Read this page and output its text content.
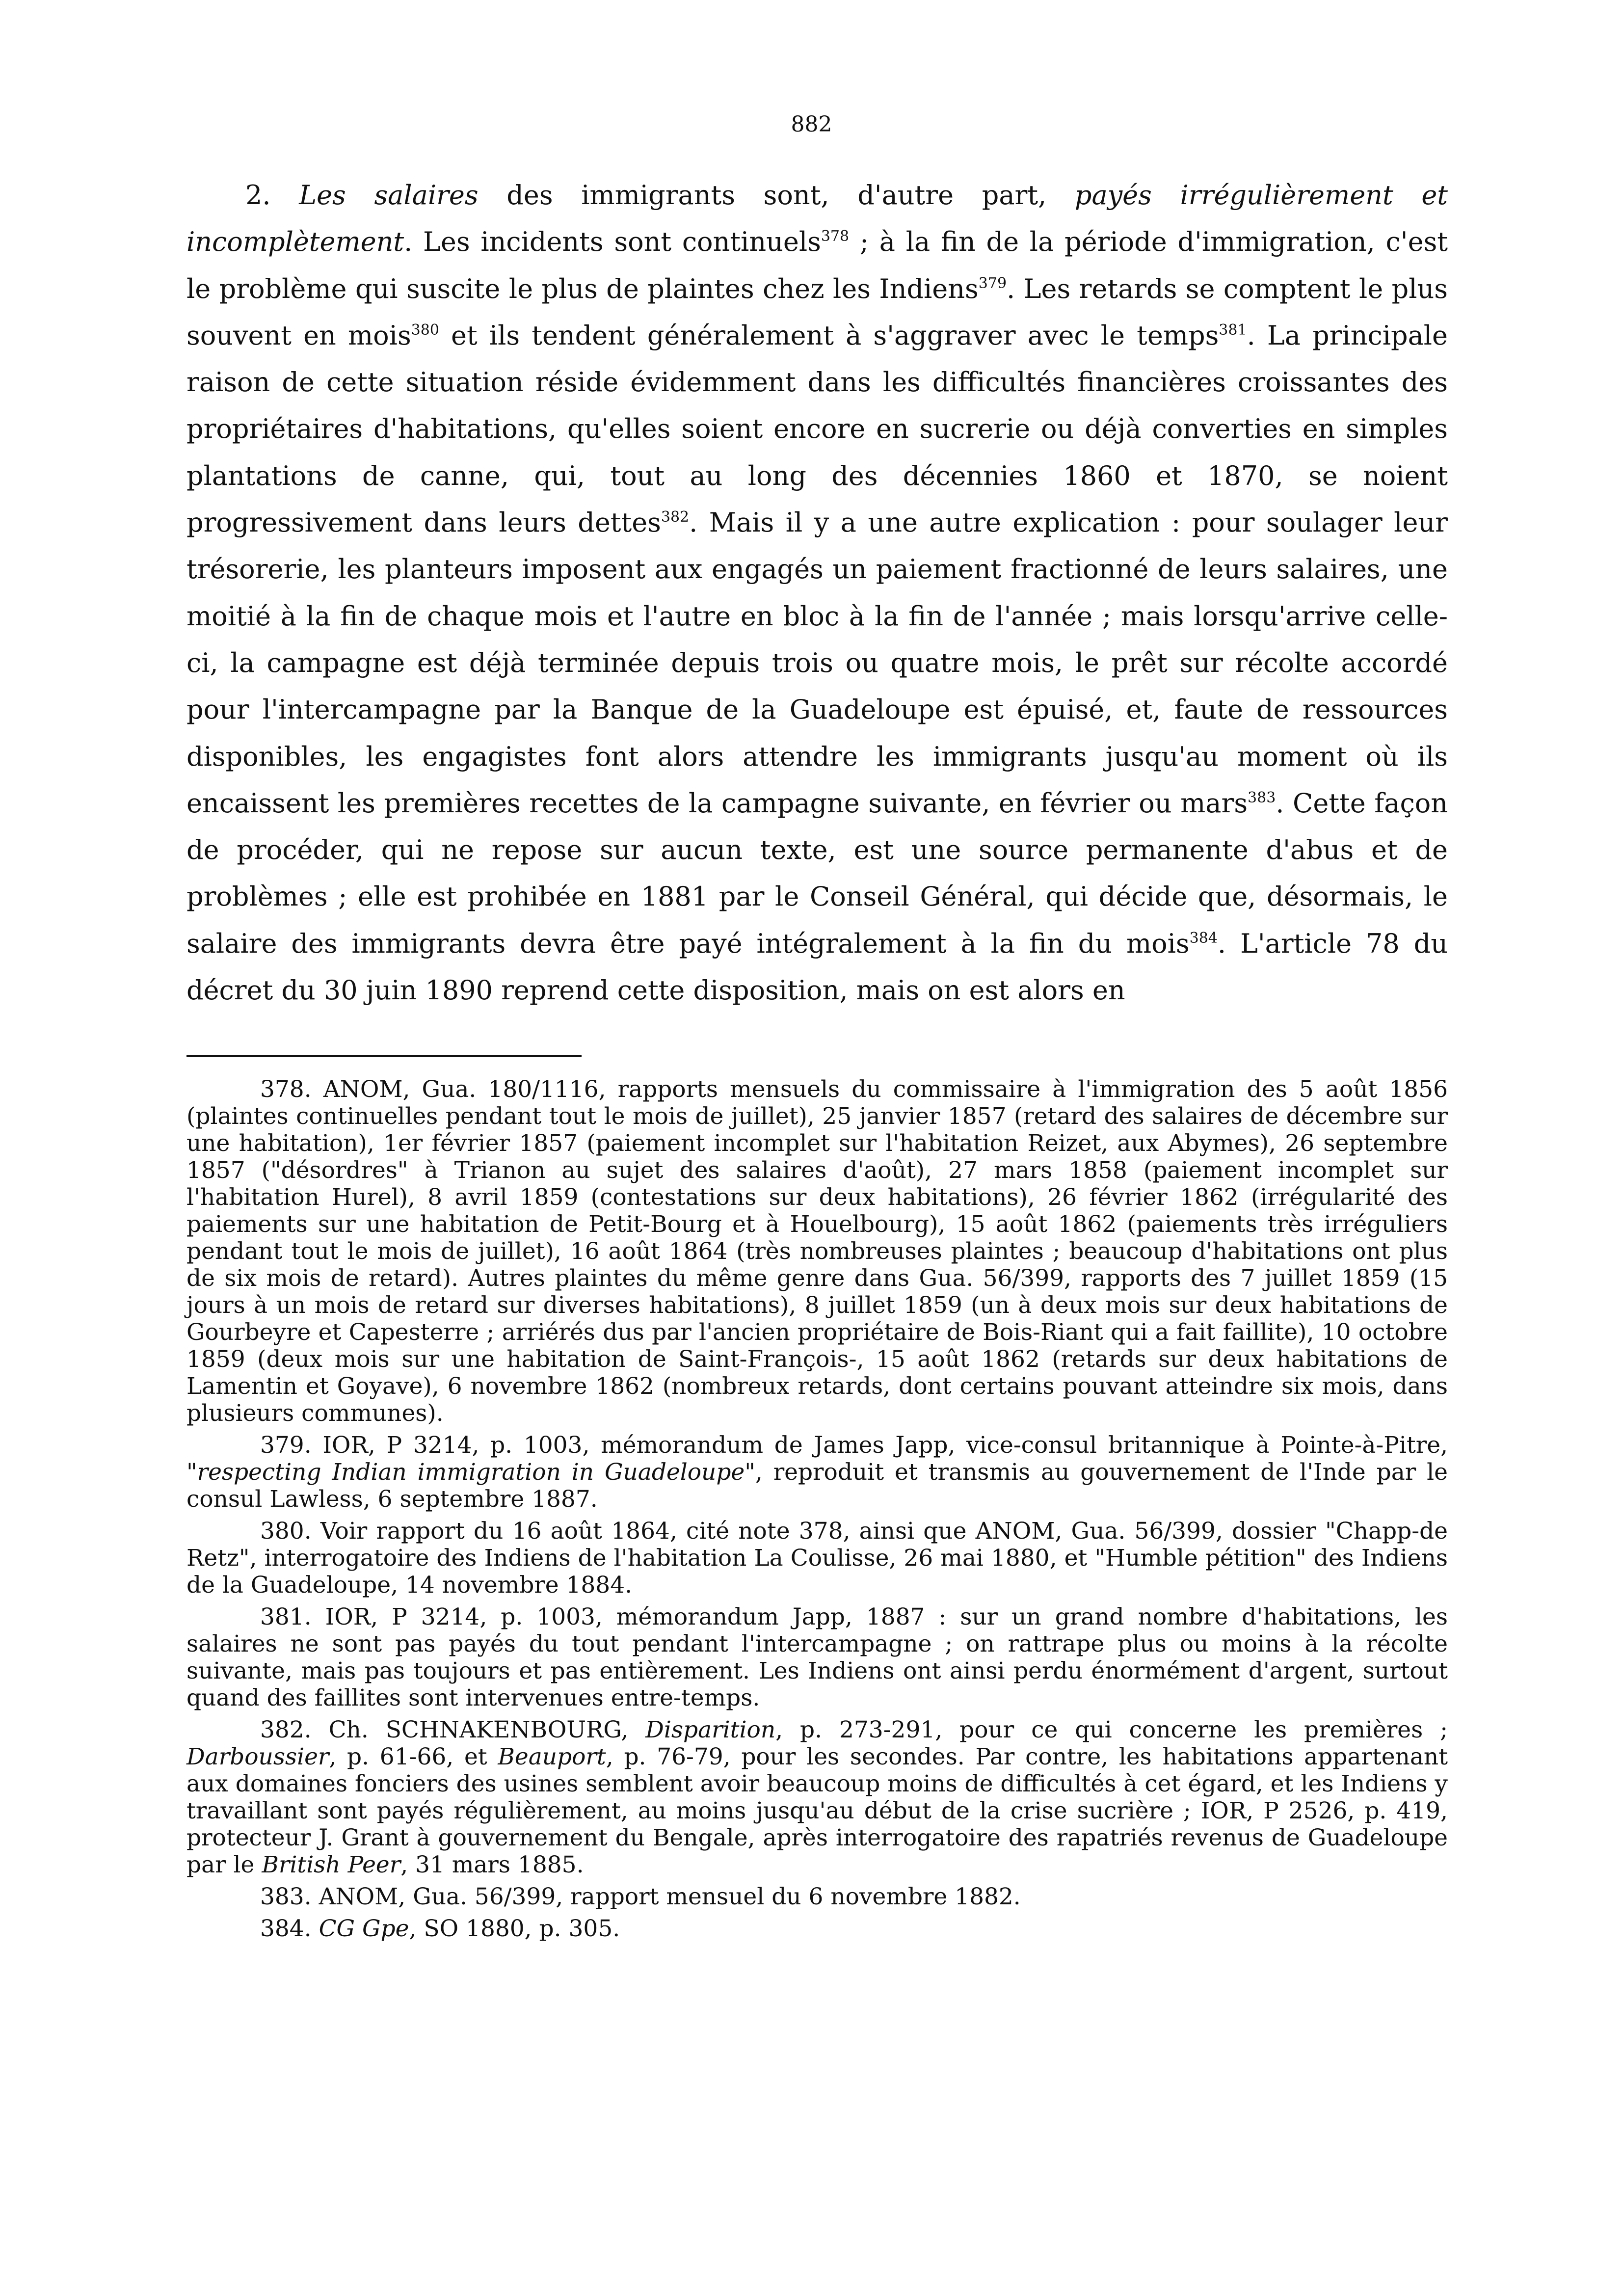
882

2. Les salaires des immigrants sont, d'autre part, payés irrégulièrement et incomplètement. Les incidents sont continuels$^{378}$ ; à la fin de la période d'immigration, c'est le problème qui suscite le plus de plaintes chez les Indiens$^{379}$. Les retards se comptent le plus souvent en mois$^{380}$ et ils tendent généralement à s'aggraver avec le temps$^{381}$. La principale raison de cette situation réside évidemment dans les difficultés financières croissantes des propriétaires d'habitations, qu'elles soient encore en sucrerie ou déjà converties en simples plantations de canne, qui, tout au long des décennies 1860 et 1870, se noient progressivement dans leurs dettes$^{382}$. Mais il y a une autre explication : pour soulager leur trésorerie, les planteurs imposent aux engagés un paiement fractionné de leurs salaires, une moitié à la fin de chaque mois et l'autre en bloc à la fin de l'année ; mais lorsqu'arrive celle-ci, la campagne est déjà terminée depuis trois ou quatre mois, le prêt sur récolte accordé pour l'intercampagne par la Banque de la Guadeloupe est épuisé, et, faute de ressources disponibles, les engagistes font alors attendre les immigrants jusqu'au moment où ils encaissent les premières recettes de la campagne suivante, en février ou mars$^{383}$. Cette façon de procéder, qui ne repose sur aucun texte, est une source permanente d'abus et de problèmes ; elle est prohibée en 1881 par le Conseil Général, qui décide que, désormais, le salaire des immigrants devra être payé intégralement à la fin du mois$^{384}$. L'article 78 du décret du 30 juin 1890 reprend cette disposition, mais on est alors en

378. ANOM, Gua. 180/1116, rapports mensuels du commissaire à l'immigration des 5 août 1856 (plaintes continuelles pendant tout le mois de juillet), 25 janvier 1857 (retard des salaires de décembre sur une habitation), 1er février 1857 (paiement incomplet sur l'habitation Reizet, aux Abymes), 26 septembre 1857 ("désordres" à Trianon au sujet des salaires d'août), 27 mars 1858 (paiement incomplet sur l'habitation Hurel), 8 avril 1859 (contestations sur deux habitations), 26 février 1862 (irrégularité des paiements sur une habitation de Petit-Bourg et à Houelbourg), 15 août 1862 (paiements très irréguliers pendant tout le mois de juillet), 16 août 1864 (très nombreuses plaintes ; beaucoup d'habitations ont plus de six mois de retard). Autres plaintes du même genre dans Gua. 56/399, rapports des 7 juillet 1859 (15 jours à un mois de retard sur diverses habitations), 8 juillet 1859 (un à deux mois sur deux habitations de Gourbeyre et Capesterre ; arriérés dus par l'ancien propriétaire de Bois-Riant qui a fait faillite), 10 octobre 1859 (deux mois sur une habitation de Saint-François-, 15 août 1862 (retards sur deux habitations de Lamentin et Goyave), 6 novembre 1862 (nombreux retards, dont certains pouvant atteindre six mois, dans plusieurs communes).

379. IOR, P 3214, p. 1003, mémorandum de James Japp, vice-consul britannique à Pointe-à-Pitre, "respecting Indian immigration in Guadeloupe", reproduit et transmis au gouvernement de l'Inde par le consul Lawless, 6 septembre 1887.

380. Voir rapport du 16 août 1864, cité note 378, ainsi que ANOM, Gua. 56/399, dossier "Chapp-de Retz", interrogatoire des Indiens de l'habitation La Coulisse, 26 mai 1880, et "Humble pétition" des Indiens de la Guadeloupe, 14 novembre 1884.

381. IOR, P 3214, p. 1003, mémorandum Japp, 1887 : sur un grand nombre d'habitations, les salaires ne sont pas payés du tout pendant l'intercampagne ; on rattrape plus ou moins à la récolte suivante, mais pas toujours et pas entièrement. Les Indiens ont ainsi perdu énormément d'argent, surtout quand des faillites sont intervenues entre-temps.

382. Ch. SCHNAKENBOURG, Disparition, p. 273-291, pour ce qui concerne les premières ; Darboussier, p. 61-66, et Beauport, p. 76-79, pour les secondes. Par contre, les habitations appartenant aux domaines fonciers des usines semblent avoir beaucoup moins de difficultés à cet égard, et les Indiens y travaillant sont payés régulièrement, au moins jusqu'au début de la crise sucrière ; IOR, P 2526, p. 419, protecteur J. Grant à gouvernement du Bengale, après interrogatoire des rapatriés revenus de Guadeloupe par le British Peer, 31 mars 1885.

383. ANOM, Gua. 56/399, rapport mensuel du 6 novembre 1882.

384. CG Gpe, SO 1880, p. 305.
